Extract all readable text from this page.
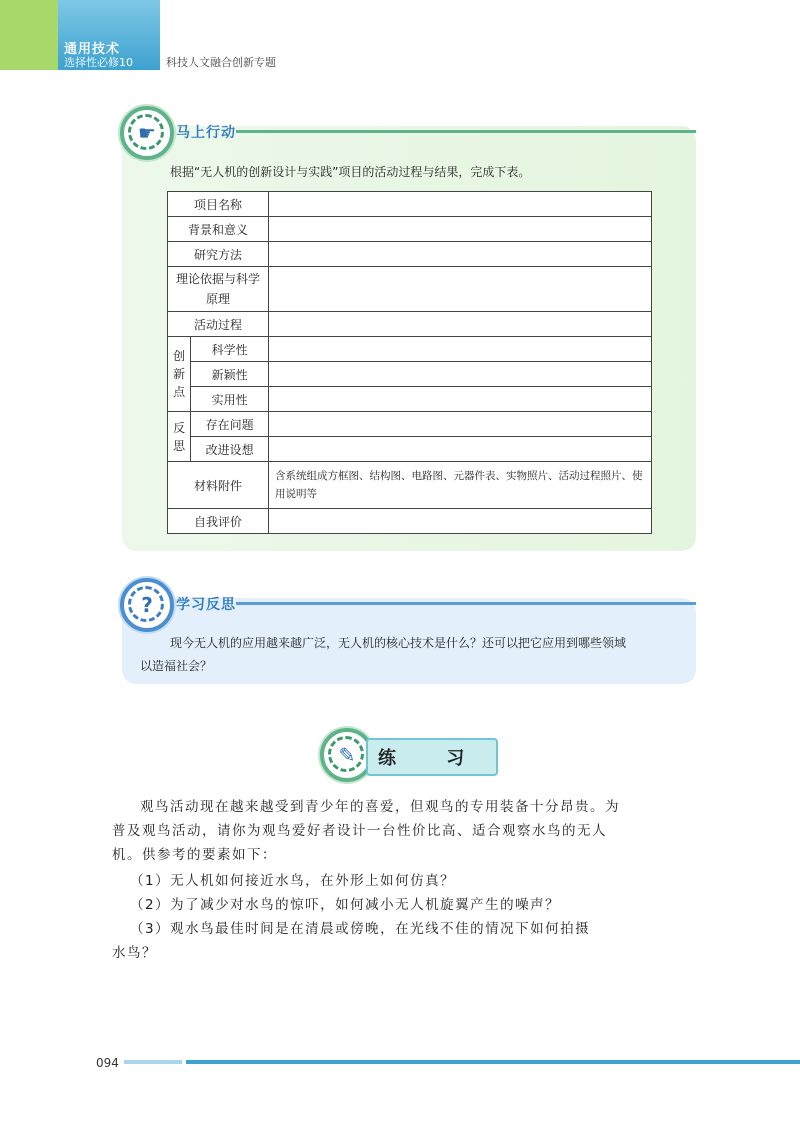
通用技术
选择性必修10	科技人文融合创新专题
☛	马上行动
根据“无人机的创新设计与实践”项目的活动过程与结果，完成下表。
项目名称		
背景和意义		
研究方法		
理论依据与科学原理		
活动过程		
创新点	科学性	
	新颖性	
	实用性	
反思	存在问题	
	改进设想	
材料附件		含系统组成方框图、结构图、电路图、元器件表、实物照片、活动过程照片、使用说明等
自我评价		
?	学习反思
现今无人机的应用越来越广泛，无人机的核心技术是什么？还可以把它应用到哪些领域
以造福社会？
✎	练 习
观鸟活动现在越来越受到青少年的喜爱，但观鸟的专用装备十分昂贵。为
普及观鸟活动，请你为观鸟爱好者设计一台性价比高、适合观察水鸟的无人
机。供参考的要素如下：
（1）无人机如何接近水鸟，在外形上如何仿真？
（2）为了减少对水鸟的惊吓，如何减小无人机旋翼产生的噪声？
（3）观水鸟最佳时间是在清晨或傍晚，在光线不佳的情况下如何拍摄
水鸟？
094
